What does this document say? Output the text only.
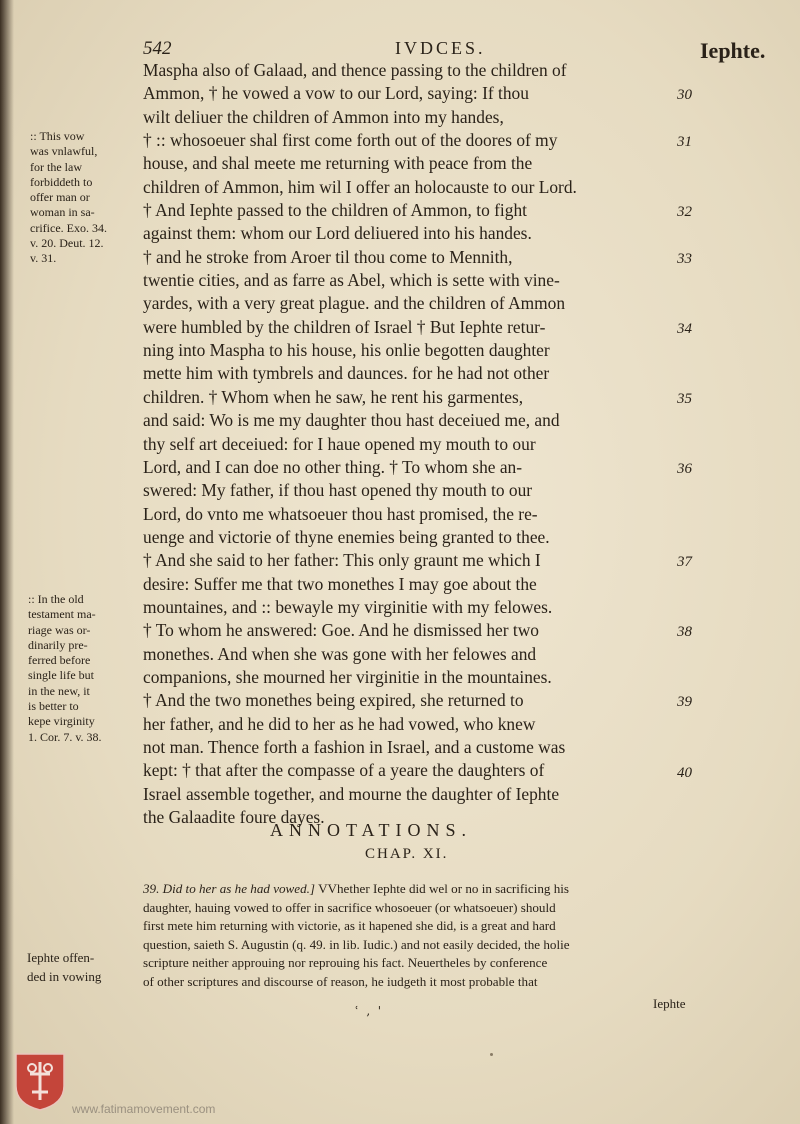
542	IVDCES.	Iephte.
Maspha also of Galaad, and thence passing to the children of
Ammon, † he vowed a vow to our Lord, saying: If thou
wilt deliuer the children of Ammon into my handes,
† :: whosoeuer shal first come forth out of the doores of my
house, and shal meete me returning with peace from the
children of Ammon, him wil I offer an holocauste to our Lord.
† And Iephte passed to the children of Ammon, to fight
against them: whom our Lord deliuered into his handes.
† and he stroke from Aroer til thou come to Mennith,
twentie cities, and as farre as Abel, which is sette with vine-
yardes, with a very great plague. and the children of Ammon
were humbled by the children of Israel † But Iephte retur-
ning into Maspha to his house, his onlie begotten daughter
mette him with tymbrels and daunces. for he had not other
children. † Whom when he saw, he rent his garmentes,
and said: Wo is me my daughter thou hast deceiued me, and
thy self art deceiued: for I haue opened my mouth to our
Lord, and I can doe no other thing. † To whom she an-
swered: My father, if thou hast opened thy mouth to our
Lord, do vnto me whatsoeuer thou hast promised, the re-
uenge and victorie of thyne enemies being granted to thee.
† And she said to her father: This only graunt me which I
desire: Suffer me that two monethes I may goe about the
mountaines, and :: bewayle my virginitie with my felowes.
† To whom he answered: Goe. And he dismissed her two
monethes. And when she was gone with her felowes and
companions, she mourned her virginitie in the mountaines.
† And the two monethes being expired, she returned to
her father, and he did to her as he had vowed, who knew
not man. Thence forth a fashion in Israel, and a custome was
kept: † that after the compasse of a yeare the daughters of
Israel assemble together, and mourne the daughter of Iephte
the Galaadite foure dayes.
30
31
32
33
34
35
36
37
38
39
40
:: This vow
was vnlawful,
for the law
forbiddeth to
offer man or
woman in sa-
crifice. Exo. 34.
v. 20. Deut. 12.
v. 31.
:: In the old
testament ma-
riage was or-
dinarily pre-
ferred before
single life but
in the new, it
is better to
kepe virginity
1. Cor. 7. v. 38.
ANNOTATIONS.
CHAP. XI.
39. Did to her as he had vowed.] VVhether Iephte did wel or no in sacrificing his
daughter, hauing vowed to offer in sacrifice whosoeuer (or whatsoeuer) should
first mete him returning with victorie, as it hapened she did, is a great and hard
question, saieth S. Augustin (q. 49. in lib. Iudic.) and not easily decided, the holie
scripture neither approuing nor reprouing his fact. Neuertheles by conference
of other scriptures and discourse of reason, he iudgeth it most probable that
Iephte offen-
ded in vowing
Iephte
ʿ  ,  '
www.fatimamovement.com
